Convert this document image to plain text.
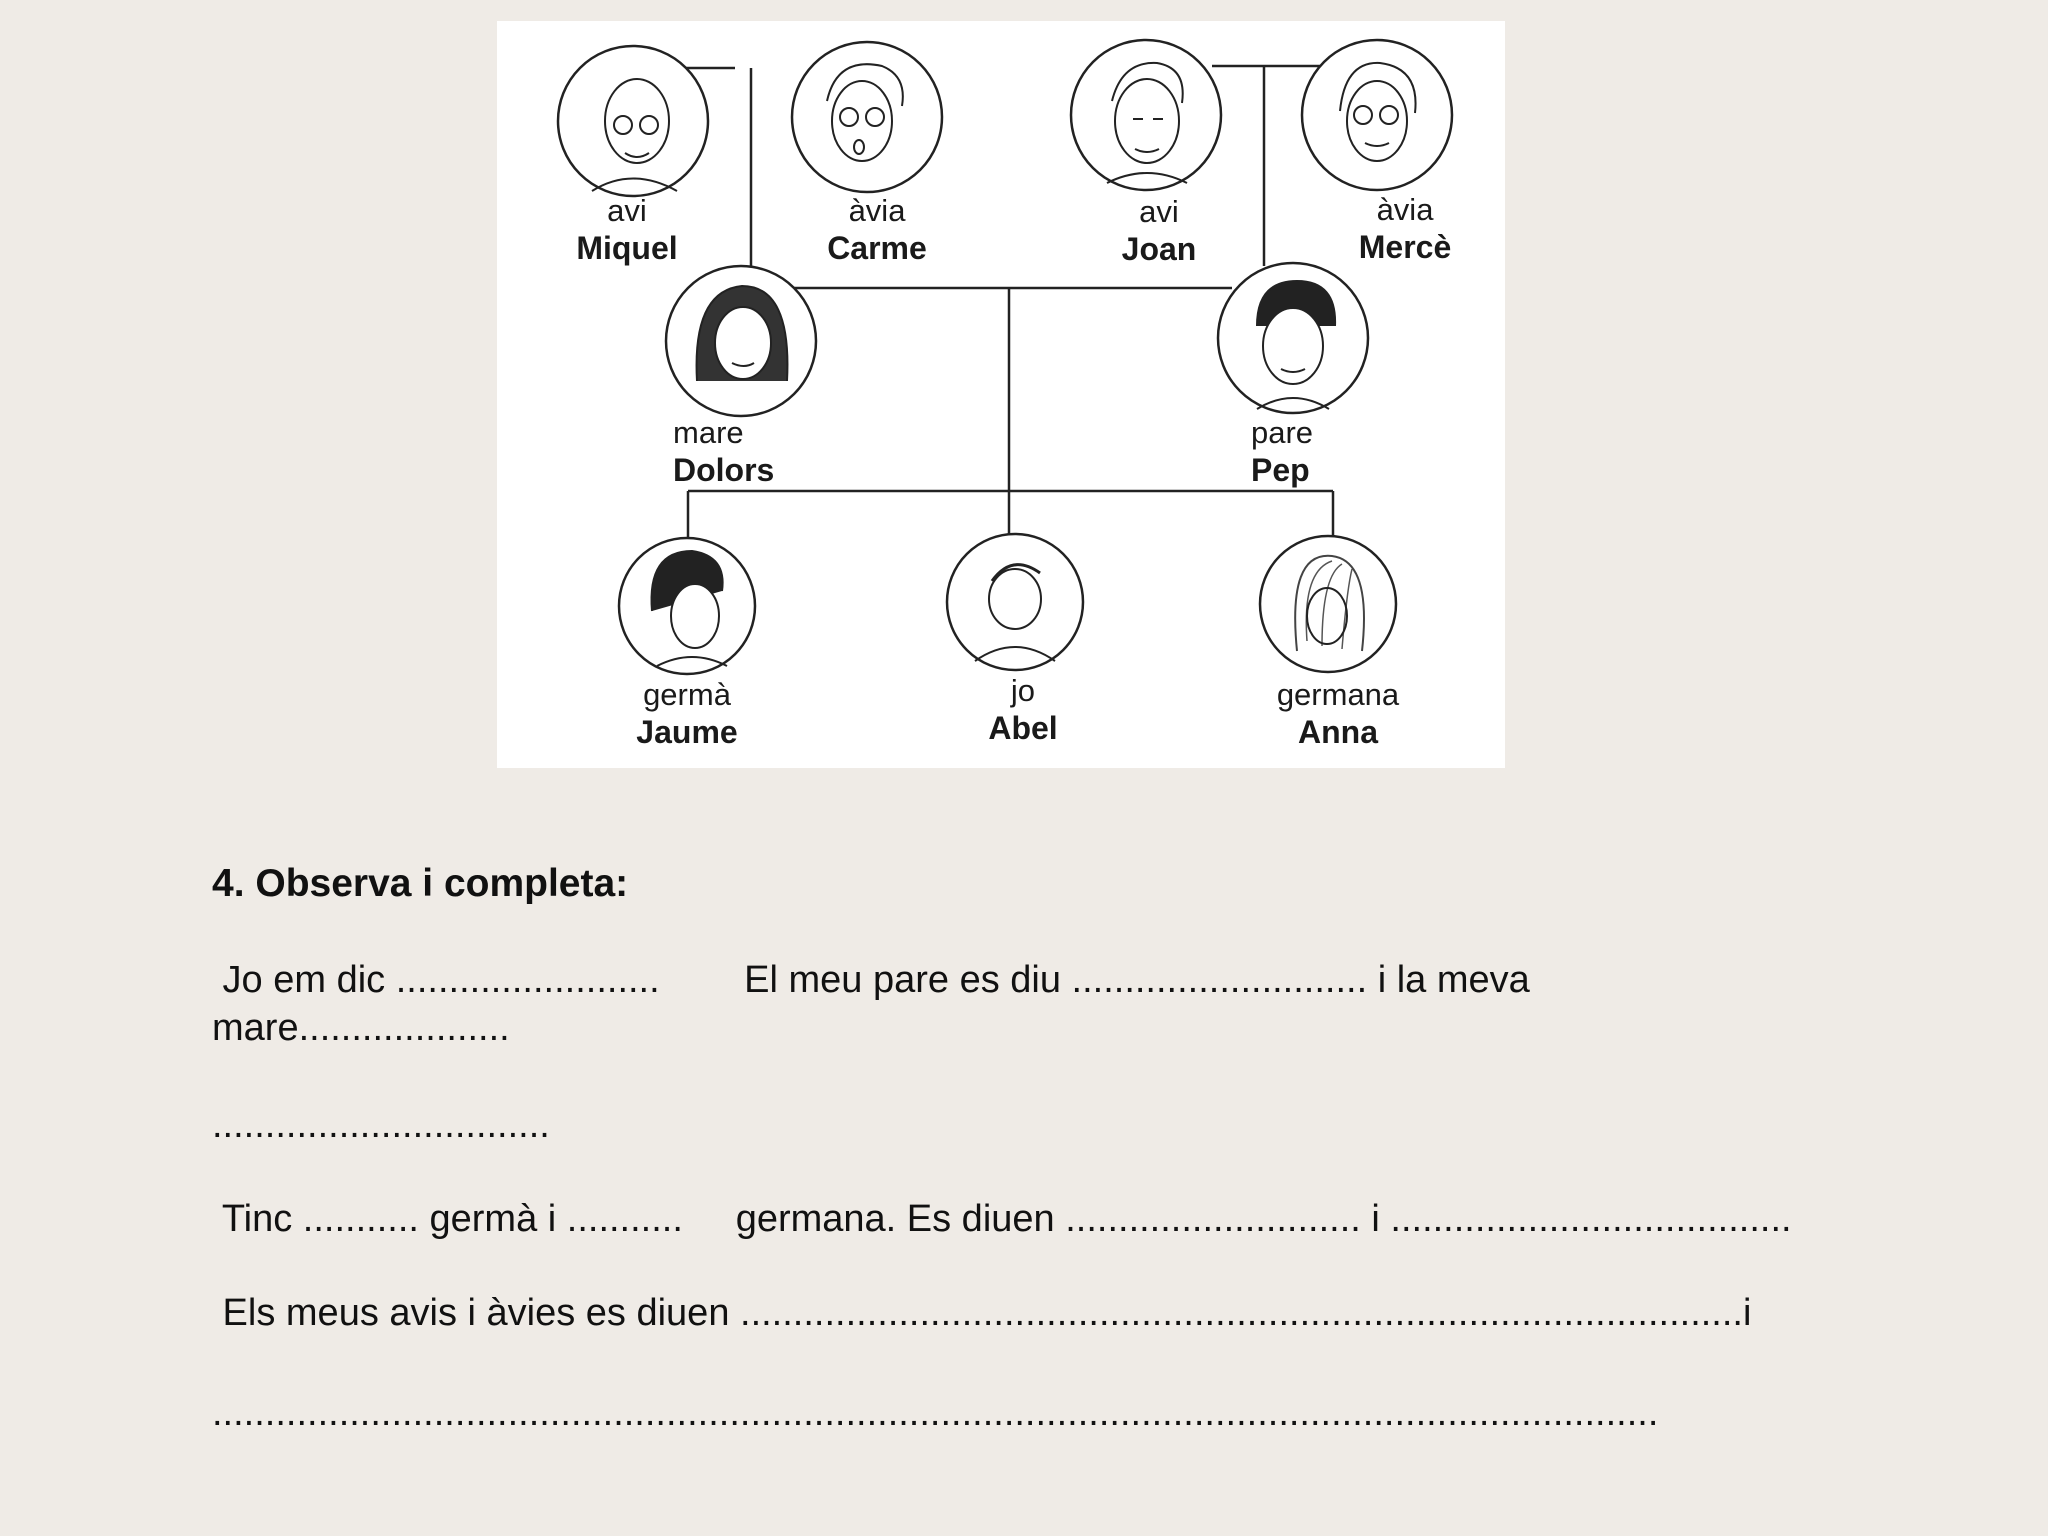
avi
Miquel
àvia
Carme
avi
Joan
àvia
Mercè
mare
Dolors
pare
Pep
germà
Jaume
jo
Abel
germana
Anna
4. Observa i completa:
Jo em dic .........................        El meu pare es diu ............................ i la meva
mare....................
................................
Tinc ........... germà i ...........     germana. Es diuen ............................ i ......................................
Els meus avis i àvies es diuen ...............................................................................................i
.........................................................................................................................................
